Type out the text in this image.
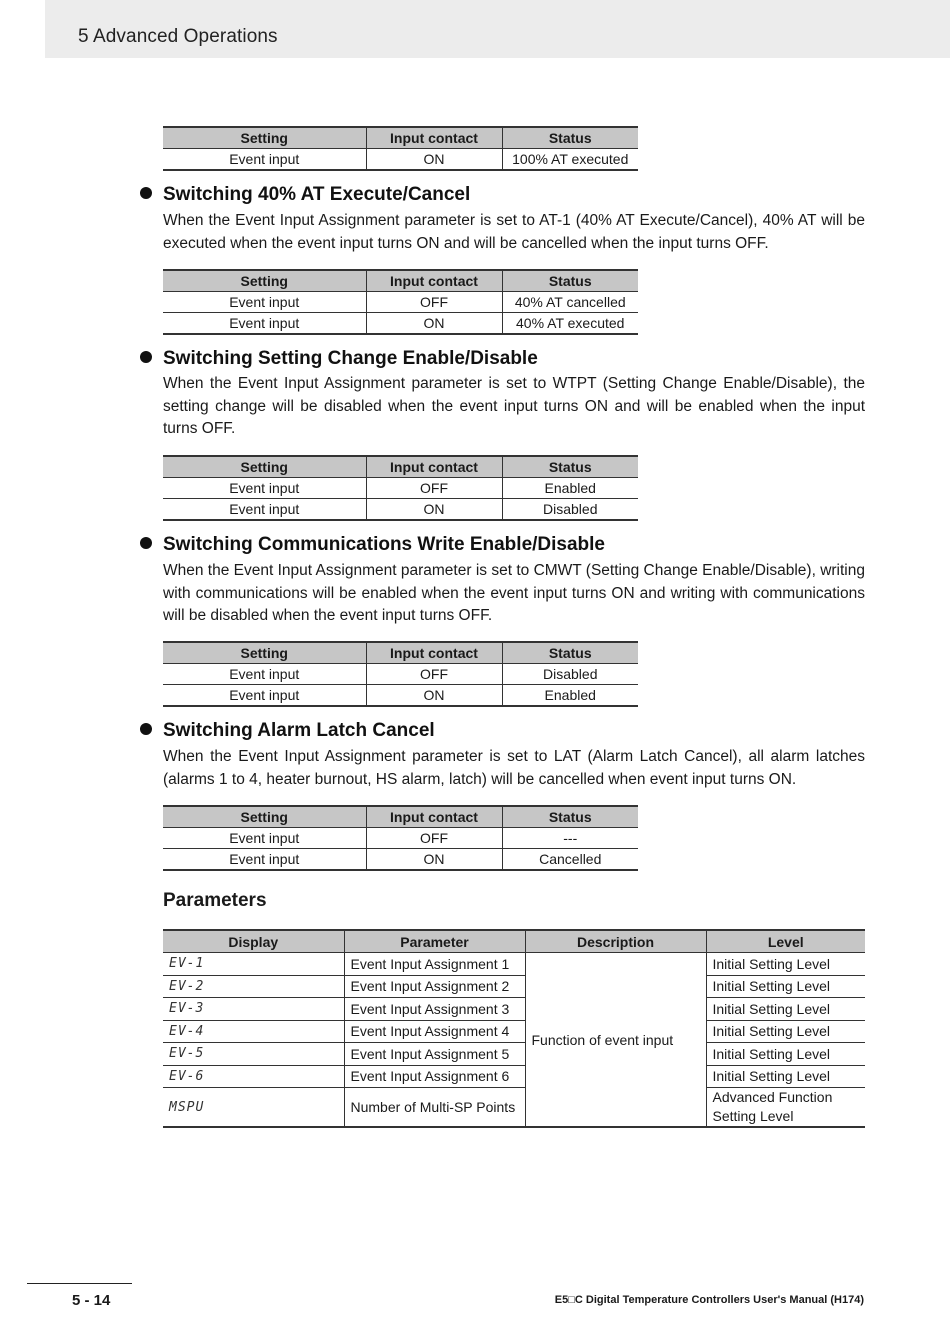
5 Advanced Operations
Setting	Input contact	Status
Event input	ON	100% AT executed
Switching 40% AT Execute/Cancel
When the Event Input Assignment parameter is set to AT-1 (40% AT Execute/Cancel), 40% AT will be executed when the event input turns ON and will be cancelled when the input turns OFF.
Setting	Input contact	Status
Event input	OFF	40% AT cancelled
Event input	ON	40% AT executed
Switching Setting Change Enable/Disable
When the Event Input Assignment parameter is set to WTPT (Setting Change Enable/Disable), the setting change will be disabled when the event input turns ON and will be enabled when the input turns OFF.
Setting	Input contact	Status
Event input	OFF	Enabled
Event input	ON	Disabled
Switching Communications Write Enable/Disable
When the Event Input Assignment parameter is set to CMWT (Setting Change Enable/Disable), writing with communications will be enabled when the event input turns ON and writing with communications will be disabled when the event input turns OFF.
Setting	Input contact	Status
Event input	OFF	Disabled
Event input	ON	Enabled
Switching Alarm Latch Cancel
When the Event Input Assignment parameter is set to LAT (Alarm Latch Cancel), all alarm latches (alarms 1 to 4, heater burnout, HS alarm, latch) will be cancelled when event input turns ON.
Setting	Input contact	Status
Event input	OFF	---
Event input	ON	Cancelled
Parameters
Display	Parameter	Description	Level
EV-1	Event Input Assignment 1	Function of event input	Initial Setting Level
EV-2	Event Input Assignment 2		Initial Setting Level
EV-3	Event Input Assignment 3		Initial Setting Level
EV-4	Event Input Assignment 4		Initial Setting Level
EV-5	Event Input Assignment 5		Initial Setting Level
EV-6	Event Input Assignment 6		Initial Setting Level
MSPU	Number of Multi-SP Points		Advanced Function Setting Level
5 - 14	E5□C Digital Temperature Controllers User's Manual (H174)
